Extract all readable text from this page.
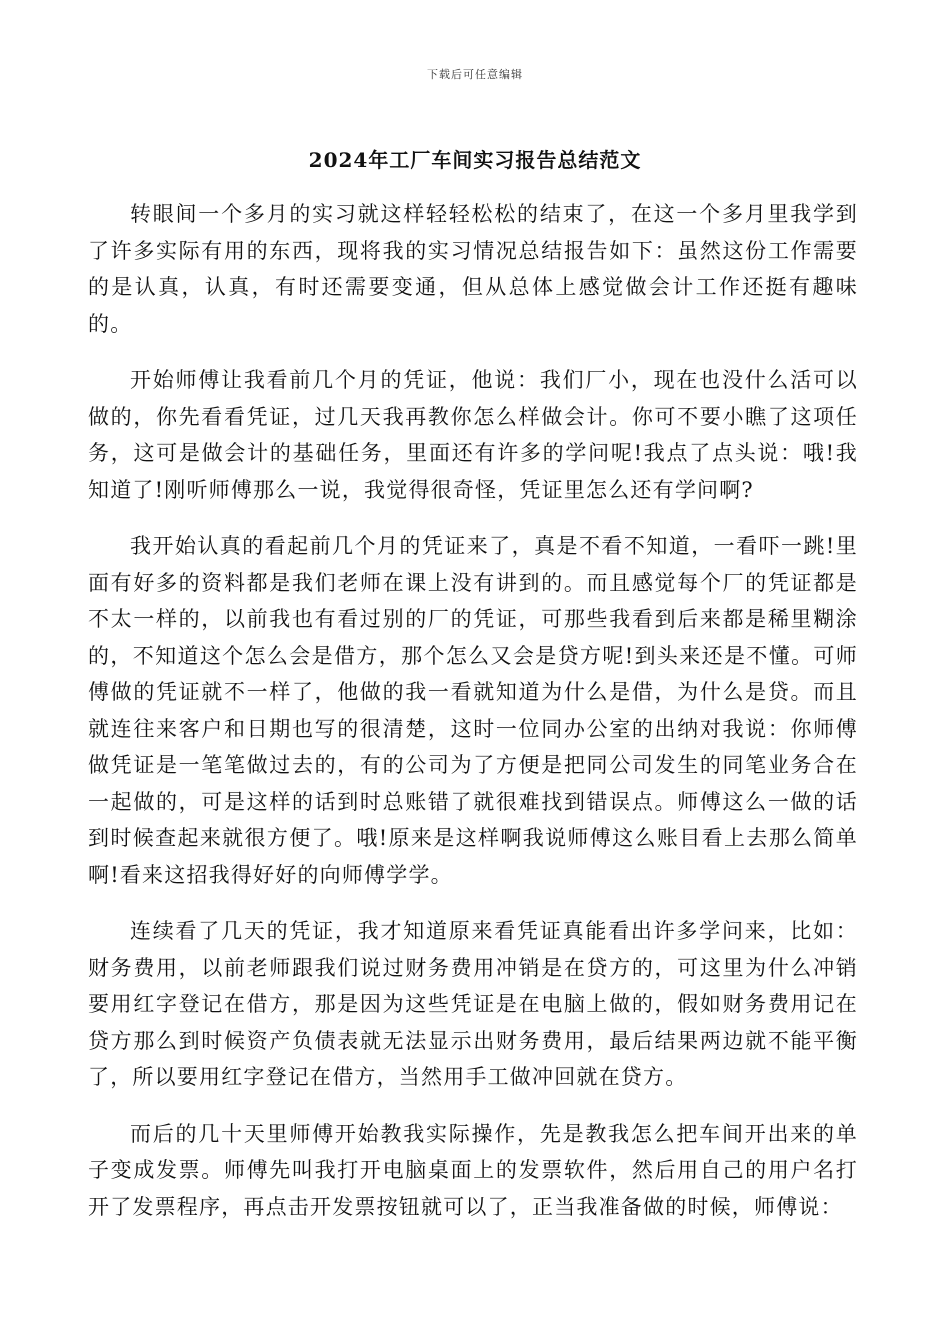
下载后可任意编辑
2024年工厂车间实习报告总结范文

转眼间一个多月的实习就这样轻轻松松的结束了，在这一个多月里我学到了许多实际有用的东西，现将我的实习情况总结报告如下：虽然这份工作需要的是认真，认真，有时还需要变通，但从总体上感觉做会计工作还挺有趣味的。

开始师傅让我看前几个月的凭证，他说：我们厂小，现在也没什么活可以做的，你先看看凭证，过几天我再教你怎么样做会计。你可不要小瞧了这项任务，这可是做会计的基础任务，里面还有许多的学问呢!我点了点头说：哦!我知道了!刚听师傅那么一说，我觉得很奇怪，凭证里怎么还有学问啊?

我开始认真的看起前几个月的凭证来了，真是不看不知道，一看吓一跳!里面有好多的资料都是我们老师在课上没有讲到的。而且感觉每个厂的凭证都是不太一样的，以前我也有看过别的厂的凭证，可那些我看到后来都是稀里糊涂的，不知道这个怎么会是借方，那个怎么又会是贷方呢!到头来还是不懂。可师傅做的凭证就不一样了，他做的我一看就知道为什么是借，为什么是贷。而且就连往来客户和日期也写的很清楚，这时一位同办公室的出纳对我说：你师傅做凭证是一笔笔做过去的，有的公司为了方便是把同公司发生的同笔业务合在一起做的，可是这样的话到时总账错了就很难找到错误点。师傅这么一做的话到时候查起来就很方便了。哦!原来是这样啊我说师傅这么账目看上去那么简单啊!看来这招我得好好的向师傅学学。

连续看了几天的凭证，我才知道原来看凭证真能看出许多学问来，比如：财务费用，以前老师跟我们说过财务费用冲销是在贷方的，可这里为什么冲销要用红字登记在借方，那是因为这些凭证是在电脑上做的，假如财务费用记在贷方那么到时候资产负债表就无法显示出财务费用，最后结果两边就不能平衡了，所以要用红字登记在借方，当然用手工做冲回就在贷方。

而后的几十天里师傅开始教我实际操作，先是教我怎么把车间开出来的单子变成发票。师傅先叫我打开电脑桌面上的发票软件，然后用自己的用户名打开了发票程序，再点击开发票按钮就可以了，正当我准备做的时候，师傅说：
